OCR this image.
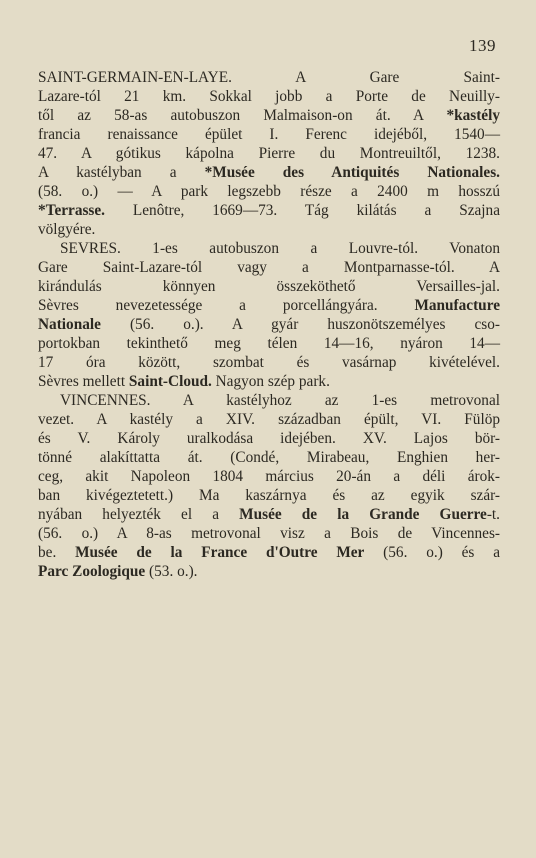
139
SAINT-GERMAIN-EN-LAYE. A Gare Saint-
Lazare-tól 21 km. Sokkal jobb a Porte de Neuilly-
től az 58-as autobuszon Malmaison-on át. A *kastély
francia renaissance épület I. Ferenc idejéből, 1540—
47. A gótikus kápolna Pierre du Montreuiltől, 1238.
A kastélyban a *Musée des Antiquités Nationales.
(58. o.) — A park legszebb része a 2400 m hosszú
*Terrasse. Lenôtre, 1669—73. Tág kilátás a Szajna
völgyére.
SEVRES. 1-es autobuszon a Louvre-tól. Vonaton
Gare Saint-Lazare-tól vagy a Montparnasse-tól. A
kirándulás könnyen összeköthető Versailles-jal.
Sèvres nevezetessége a porcellángyára. Manufacture
Nationale (56. o.). A gyár huszonötszemélyes cso-
portokban tekinthető meg télen 14—16, nyáron 14—
17 óra között, szombat és vasárnap kivételével.
Sèvres mellett Saint-Cloud. Nagyon szép park.
VINCENNES. A kastélyhoz az 1-es metrovonal
vezet. A kastély a XIV. században épült, VI. Fülöp
és V. Károly uralkodása idejében. XV. Lajos bör-
tönné alakíttatta át. (Condé, Mirabeau, Enghien her-
ceg, akit Napoleon 1804 március 20-án a déli árok-
ban kivégeztetett.) Ma kaszárnya és az egyik szár-
nyában helyezték el a Musée de la Grande Guerre-t.
(56. o.) A 8-as metrovonal visz a Bois de Vincennes-
be. Musée de la France d'Outre Mer (56. o.) és a
Parc Zoologique (53. o.).
